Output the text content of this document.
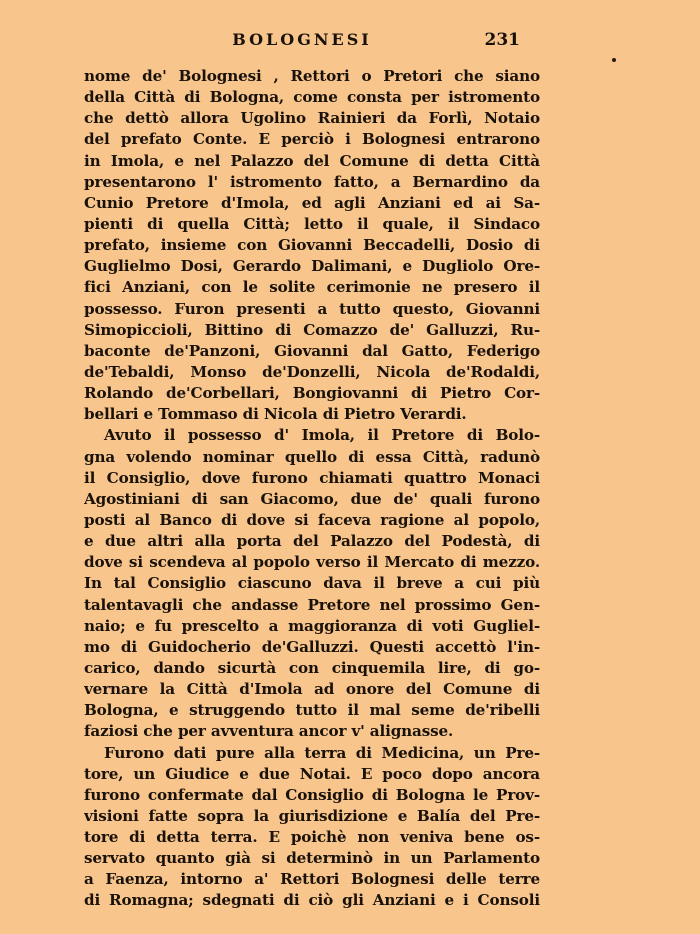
BOLOGNESI	231
nome de' Bolognesi , Rettori o Pretori che siano
della Città di Bologna, come consta per istromento
che dettò allora Ugolino Rainieri da Forlì, Notaio
del prefato Conte. E perciò i Bolognesi entrarono
in Imola, e nel Palazzo del Comune di detta Città
presentarono l' istromento fatto, a Bernardino da
Cunio Pretore d'Imola, ed agli Anziani ed ai Sa-
pienti di quella Città; letto il quale, il Sindaco
prefato, insieme con Giovanni Beccadelli, Dosio di
Guglielmo Dosi, Gerardo Dalimani, e Dugliolo Ore-
fici Anziani, con le solite cerimonie ne presero il
possesso. Furon presenti a tutto questo, Giovanni
Simopiccioli, Bittino di Comazzo de' Galluzzi, Ru-
baconte de'Panzoni, Giovanni dal Gatto, Federigo
de'Tebaldi, Monso de'Donzelli, Nicola de'Rodaldi,
Rolando de'Corbellari, Bongiovanni di Pietro Cor-
bellari e Tommaso di Nicola di Pietro Verardi.
Avuto il possesso d' Imola, il Pretore di Bolo-
gna volendo nominar quello di essa Città, radunò
il Consiglio, dove furono chiamati quattro Monaci
Agostiniani di san Giacomo, due de' quali furono
posti al Banco di dove si faceva ragione al popolo,
e due altri alla porta del Palazzo del Podestà, di
dove si scendeva al popolo verso il Mercato di mezzo.
In tal Consiglio ciascuno dava il breve a cui più
talentavagli che andasse Pretore nel prossimo Gen-
naio; e fu prescelto a maggioranza di voti Gugliel-
mo di Guidocherio de'Galluzzi. Questi accettò l'in-
carico, dando sicurtà con cinquemila lire, di go-
vernare la Città d'Imola ad onore del Comune di
Bologna, e struggendo tutto il mal seme de'ribelli
faziosi che per avventura ancor v' alignasse.
Furono dati pure alla terra di Medicina, un Pre-
tore, un Giudice e due Notai. E poco dopo ancora
furono confermate dal Consiglio di Bologna le Prov-
visioni fatte sopra la giurisdizione e Balía del Pre-
tore di detta terra. E poichè non veniva bene os-
servato quanto già si determinò in un Parlamento
a Faenza, intorno a' Rettori Bolognesi delle terre
di Romagna; sdegnati di ciò gli Anziani e i Consoli
